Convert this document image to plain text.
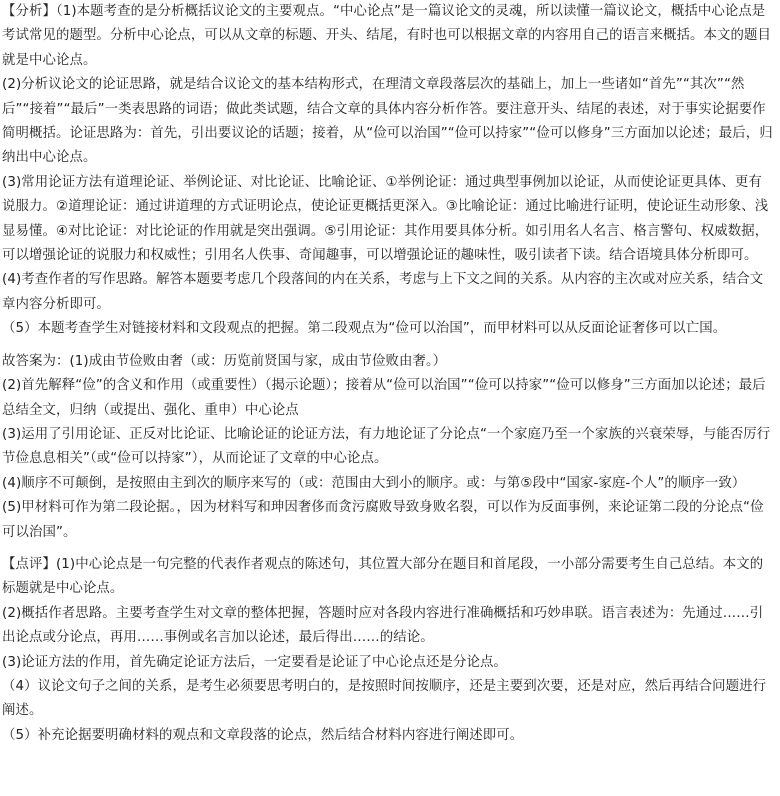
【分析】（1)本题考查的是分析概括议论文的主要观点。“中心论点”是一篇议论文的灵魂，所以读懂一篇议论文，概括中心论点是考试常见的题型。分析中心论点，可以从文章的标题、开头、结尾，有时也可以根据文章的内容用自己的语言来概括。本文的题目就是中心论点。

(2)分析议论文的论证思路，就是结合议论文的基本结构形式，在理清文章段落层次的基础上，加上一些诸如“首先”“其次”“然后”“接着”“最后”一类表思路的词语；做此类试题，结合文章的具体内容分析作答。要注意开头、结尾的表述，对于事实论据要作简明概括。论证思路为：首先，引出要议论的话题；接着，从“俭可以治国”“俭可以持家”“俭可以修身”三方面加以论述；最后，归纳出中心论点。

(3)常用论证方法有道理论证、举例论证、对比论证、比喻论证、①举例论证：通过典型事例加以论证，从而使论证更具体、更有说服力。②道理论证：通过讲道理的方式证明论点，使论证更概括更深入。③比喻论证：通过比喻进行证明，使论证生动形象、浅显易懂。④对比论证：对比论证的作用就是突出强调。⑤引用论证：其作用要具体分析。如引用名人名言、格言警句、权威数据，可以增强论证的说服力和权威性；引用名人佚事、奇闻趣事，可以增强论证的趣味性，吸引读者下读。结合语境具体分析即可。

(4)考查作者的写作思路。解答本题要考虑几个段落间的内在关系，考虑与上下文之间的关系。从内容的主次或对应关系，结合文章内容分析即可。

（5）本题考查学生对链接材料和文段观点的把握。第二段观点为“俭可以治国”，而甲材料可以从反面论证奢侈可以亡国。

故答案为：(1)成由节俭败由奢（或：历览前贤国与家，成由节俭败由奢。）

(2)首先解释“俭”的含义和作用（或重要性）（揭示论题）；接着从“俭可以治国”“俭可以持家”“俭可以修身”三方面加以论述；最后总结全文，归纳（或提出、强化、重申）中心论点

(3)运用了引用论证、正反对比论证、比喻论证的论证方法，有力地论证了分论点“一个家庭乃至一个家族的兴衰荣辱，与能否厉行节俭息息相关”（或“俭可以持家”），从而论证了文章的中心论点。

(4)顺序不可颠倒，是按照由主到次的顺序来写的（或：范围由大到小的顺序。或：与第⑤段中“国家-家庭-个人”的顺序一致）

(5)甲材料可作为第二段论据。，因为材料写和珅因奢侈而贪污腐败导致身败名裂，可以作为反面事例，来论证第二段的分论点“俭可以治国”。

【点评】(1)中心论点是一句完整的代表作者观点的陈述句，其位置大部分在题目和首尾段，一小部分需要考生自己总结。本文的标题就是中心论点。

(2)概括作者思路。主要考查学生对文章的整体把握，答题时应对各段内容进行准确概括和巧妙串联。语言表述为：先通过……引出论点或分论点，再用……事例或名言加以论述，最后得出……的结论。

(3)论证方法的作用，首先确定论证方法后，一定要看是论证了中心论点还是分论点。

（4）议论文句子之间的关系，是考生必须要思考明白的，是按照时间按顺序，还是主要到次要，还是对应，然后再结合问题进行阐述。

（5）补充论据要明确材料的观点和文章段落的论点，然后结合材料内容进行阐述即可。
